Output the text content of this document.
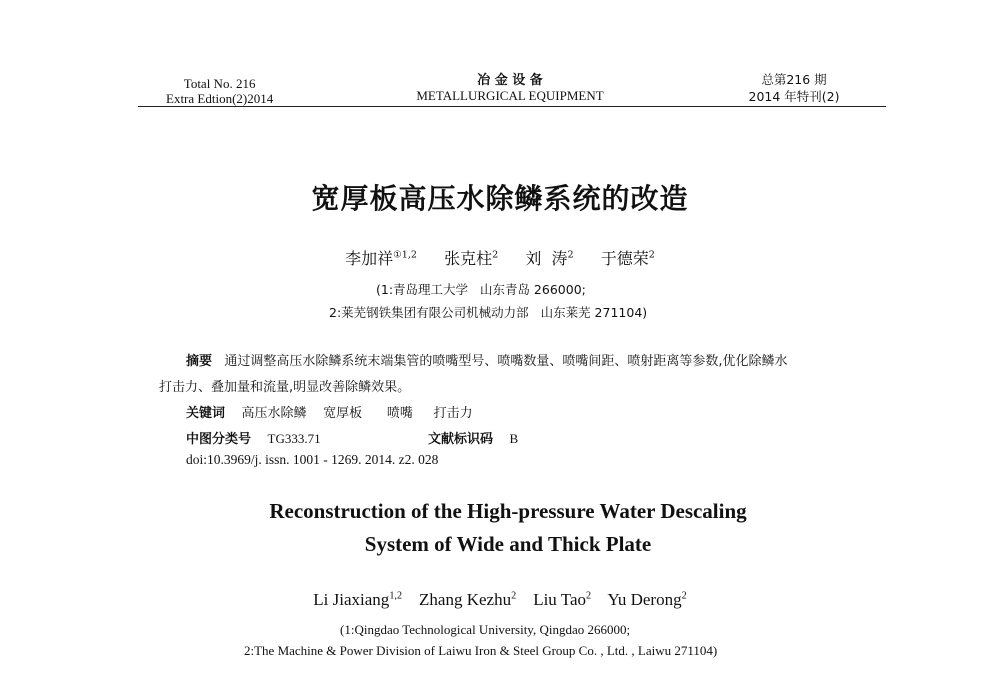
Total No. 216
Extra Edtion(2)2014
冶 金 设 备
METALLURGICAL EQUIPMENT
总第216 期
2014 年特刊(2)
宽厚板高压水除鳞系统的改造
李加祥$^{①1,2}$ 张克柱$^2$ 刘  涛$^2$ 于德荣$^2$
(1:青岛理工大学   山东青岛 266000;
2:莱芜钢铁集团有限公司机械动力部   山东莱芜 271104)
摘要 通过调整高压水除鳞系统末端集管的喷嘴型号、喷嘴数量、喷嘴间距、喷射距离等参数,优化除鳞水
打击力、叠加量和流量,明显改善除鳞效果。
关键词 高压水除鳞 宽厚板 喷嘴 打击力
中图分类号 TG333.71	文献标识码 B
doi:10.3969/j. issn. 1001 - 1269. 2014. z2. 028
Reconstruction of the High-pressure Water Descaling
System of Wide and Thick Plate
Li Jiaxiang$^{1,2}$ Zhang Kezhu$^2$ Liu Tao$^2$ Yu Derong$^2$
(1:Qingdao Technological University, Qingdao 266000;
2:The Machine & Power Division of Laiwu Iron & Steel Group Co. , Ltd. , Laiwu 271104)
